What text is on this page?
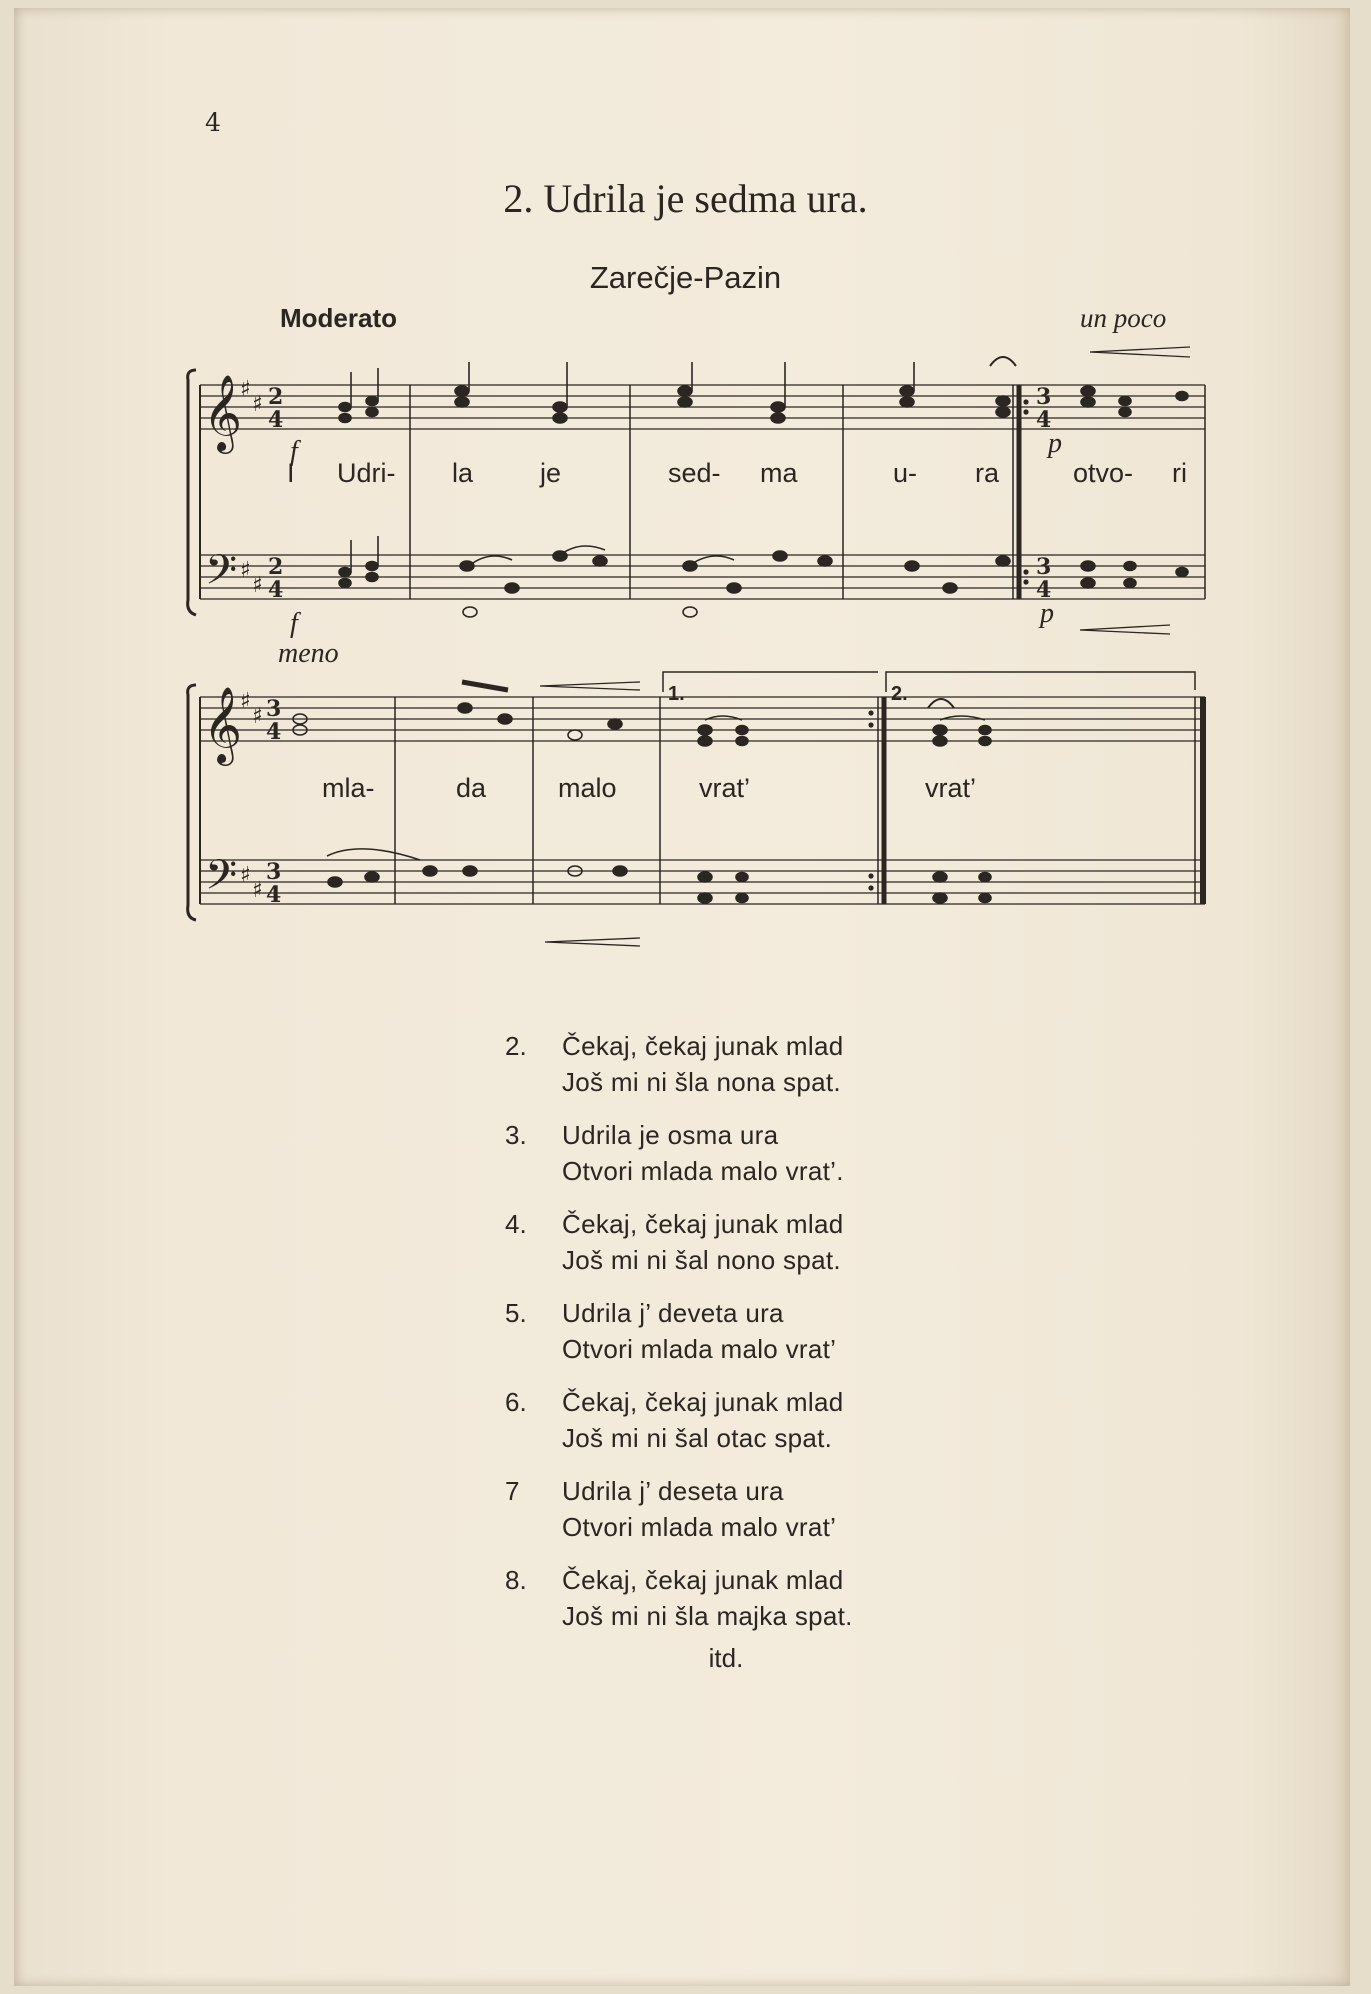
4
2. Udrila je sedma ura.
Zarečje-Pazin
Moderato	un poco
𝄞
𝄢
𝄞
𝄢
♯
♯
♯
♯
♯
♯
♯
♯
2
4
2
4
3
4
3
4
3
4
3
4
I Udri- la je	sed- ma	u- ra	otvo- ri
mla-	da	malo	vrat’	vrat’
f
f
meno
p
p
1.	2.
2.	Čekaj, čekaj junak mlad
Još mi ni šla nona spat.
3.	Udrila je osma ura
Otvori mlada malo vrat’.
4.	Čekaj, čekaj junak mlad
Još mi ni šal nono spat.
5.	Udrila j’ deveta ura
Otvori mlada malo vrat’
6.	Čekaj, čekaj junak mlad
Još mi ni šal otac spat.
7	Udrila j’ deseta ura
Otvori mlada malo vrat’
8.	Čekaj, čekaj junak mlad
Još mi ni šla majka spat.
itd.
